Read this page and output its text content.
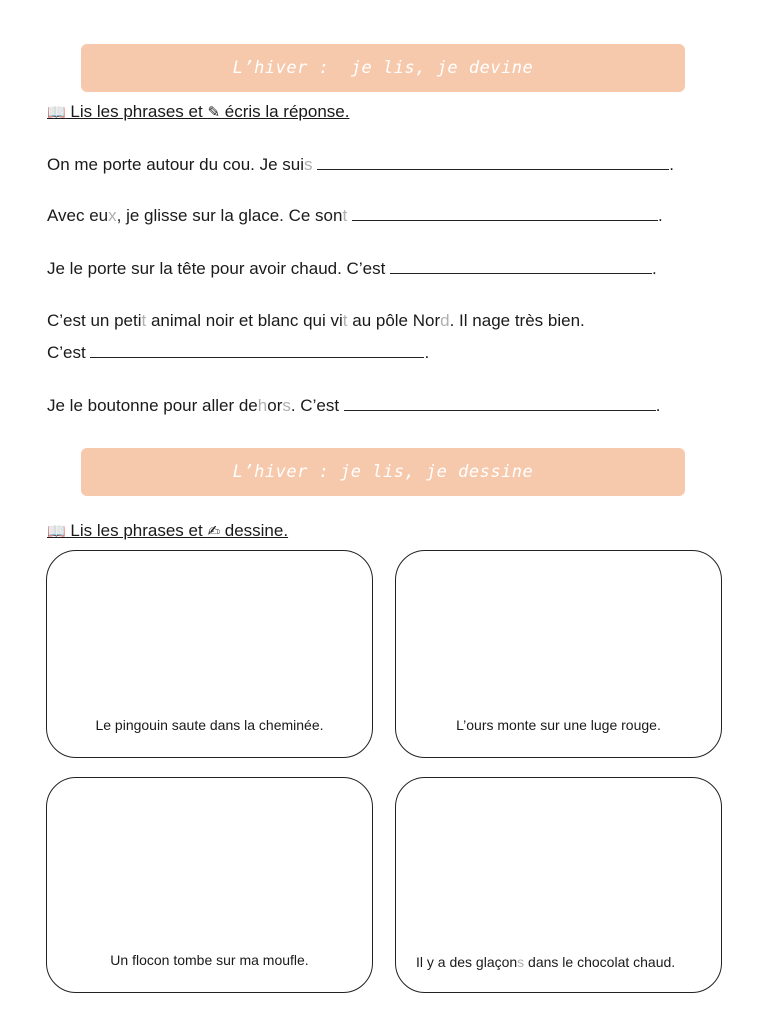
L’hiver :  je lis, je devine
📖 Lis les phrases et ✎ écris la réponse.
On me porte autour du cou. Je suis	.
Avec eux, je glisse sur la glace. Ce sont	.
Je le porte sur la tête pour avoir chaud. C’est	.
C’est un petit animal noir et blanc qui vit au pôle Nord. Il nage très bien.
C’est	.
Je le boutonne pour aller dehors. C’est	.
L’hiver : je lis, je dessine
📖 Lis les phrases et ✍ dessine.
Le pingouin saute dans la cheminée.	L’ours monte sur une luge rouge.
Un flocon tombe sur ma moufle.	Il y a des glaçons dans le chocolat chaud.
